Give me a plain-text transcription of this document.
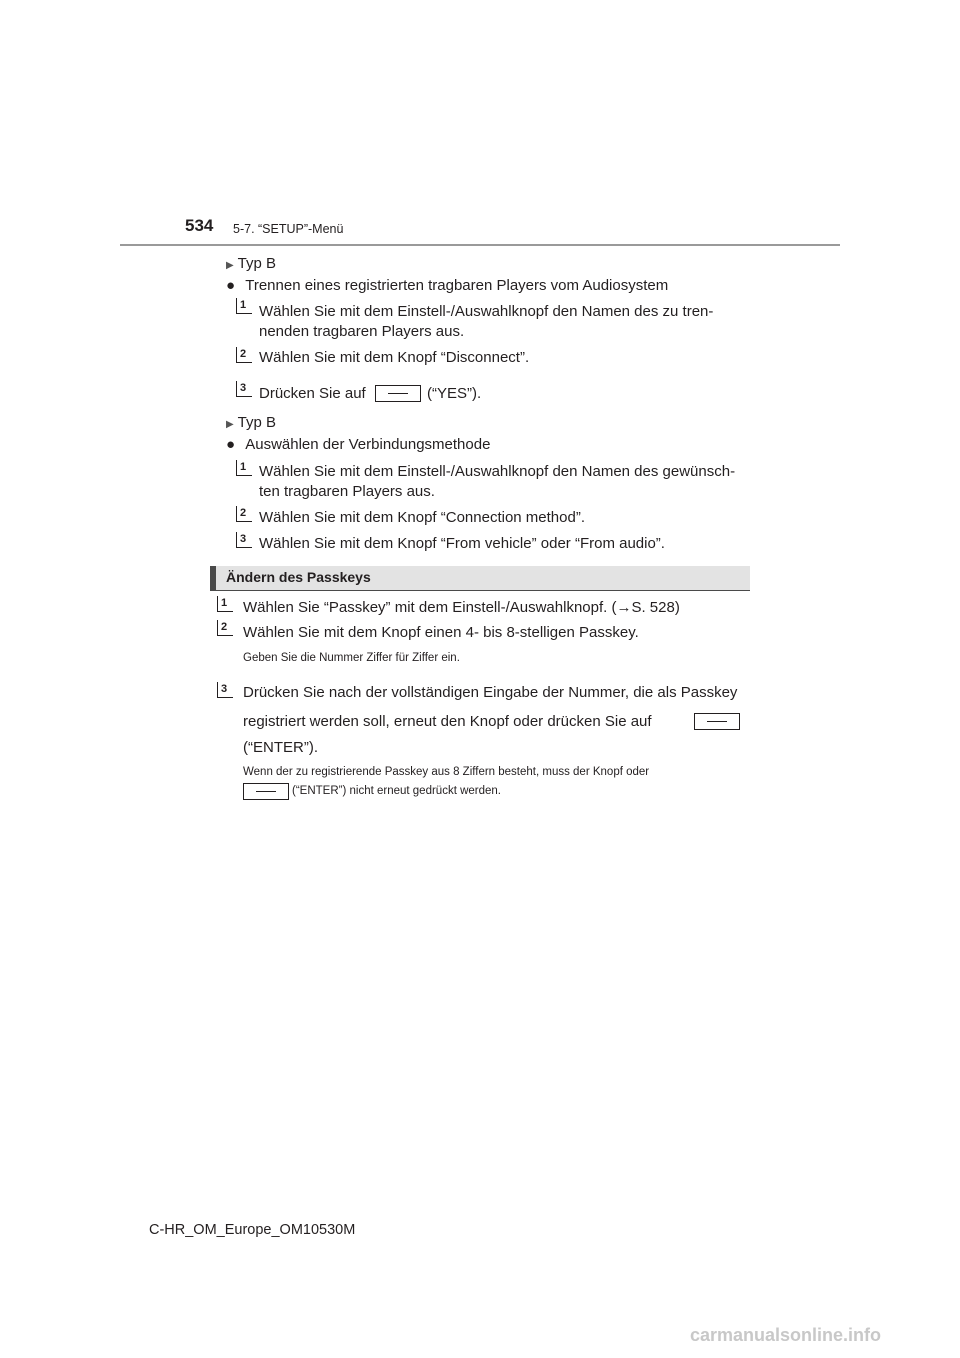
534 5-7. “SETUP”-Menü
▶ Typ B
● Trennen eines registrierten tragbaren Players vom Audiosystem
1 Wählen Sie mit dem Einstell-/Auswahlknopf den Namen des zu tren-
nenden tragbaren Players aus.
2 Wählen Sie mit dem Knopf “Disconnect”.
3 Drücken Sie auf	(“YES”).
▶ Typ B
● Auswählen der Verbindungsmethode
1 Wählen Sie mit dem Einstell-/Auswahlknopf den Namen des gewünsch-
ten tragbaren Players aus.
2 Wählen Sie mit dem Knopf “Connection method”.
3 Wählen Sie mit dem Knopf “From vehicle” oder “From audio”.
Ändern des Passkeys
1	Wählen Sie “Passkey” mit dem Einstell-/Auswahlknopf. (→S. 528)
2	Wählen Sie mit dem Knopf einen 4- bis 8-stelligen Passkey.
Geben Sie die Nummer Ziffer für Ziffer ein.
3	Drücken Sie nach der vollständigen Eingabe der Nummer, die als Passkey
registriert werden soll, erneut den Knopf oder drücken Sie auf
(“ENTER”).
Wenn der zu registrierende Passkey aus 8 Ziffern besteht, muss der Knopf oder
(“ENTER”) nicht erneut gedrückt werden.
C-HR_OM_Europe_OM10530M
carmanualsonline.info
